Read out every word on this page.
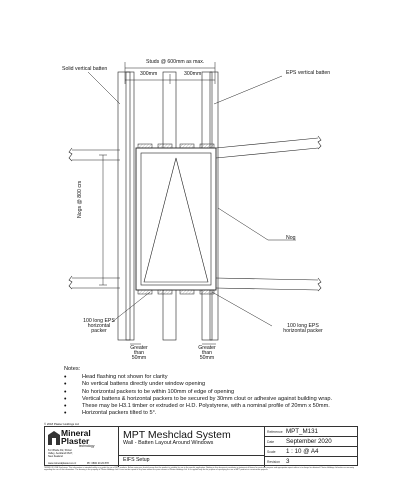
Studs @ 600mm as max.
300mm	300mm
Solid vertical batten
EPS vertical batten
Nogs @ 800 crs
Nog
100 long EPS horizontal packer
100 long EPS horizontal packer
Greater than 50mm
Greater than 50mm
Notes:
• Head flashing not shown for clarity
• No vertical battens directly under window opening
• No horizontal packers to be within 100mm of edge of opening
• Vertical battens & horizontal packers to be secured by 30mm clout or adhesive against building wrap.
• These may be H3.1 timber or extruded or H.D. Polystyrene, with a nominal profile of 20mm x 50mm.
• Horizontal packers tilted to 5°.
© 2018 Plaster Holdings Ltd
Mineral Plaster
technology
61 Offside Rd, Shiraz Valley, Auckland 0627, New Zealand
www.mineralplaster.co.nz	Ph: 0800 20 20 878
MPT Meshclad System
Wall - Batten Layout Around Windows
EIFS Setup
Reference MPT_M131
Date September 2020
Scale 1 : 10 @ A4
Revision 3
TERMS OF USE Disclaimer: This information is intended solely as a guide for use of MPT products. Before using you should ensure that the product is suitable for use in the specific application. Nothing in this document constitutes a statement of fitness for particular purpose and appropriate expert advice is to always be obtained. Plaster Holdings Ltd makes no warranty regarding the use of this information. The drawing is the property of Plaster Holdings Ltd. It must not be copied in any form without the prior consent of Plaster Holdings Ltd. It is supplied only for the purpose of specifying the use of MPT products in construction projects.
